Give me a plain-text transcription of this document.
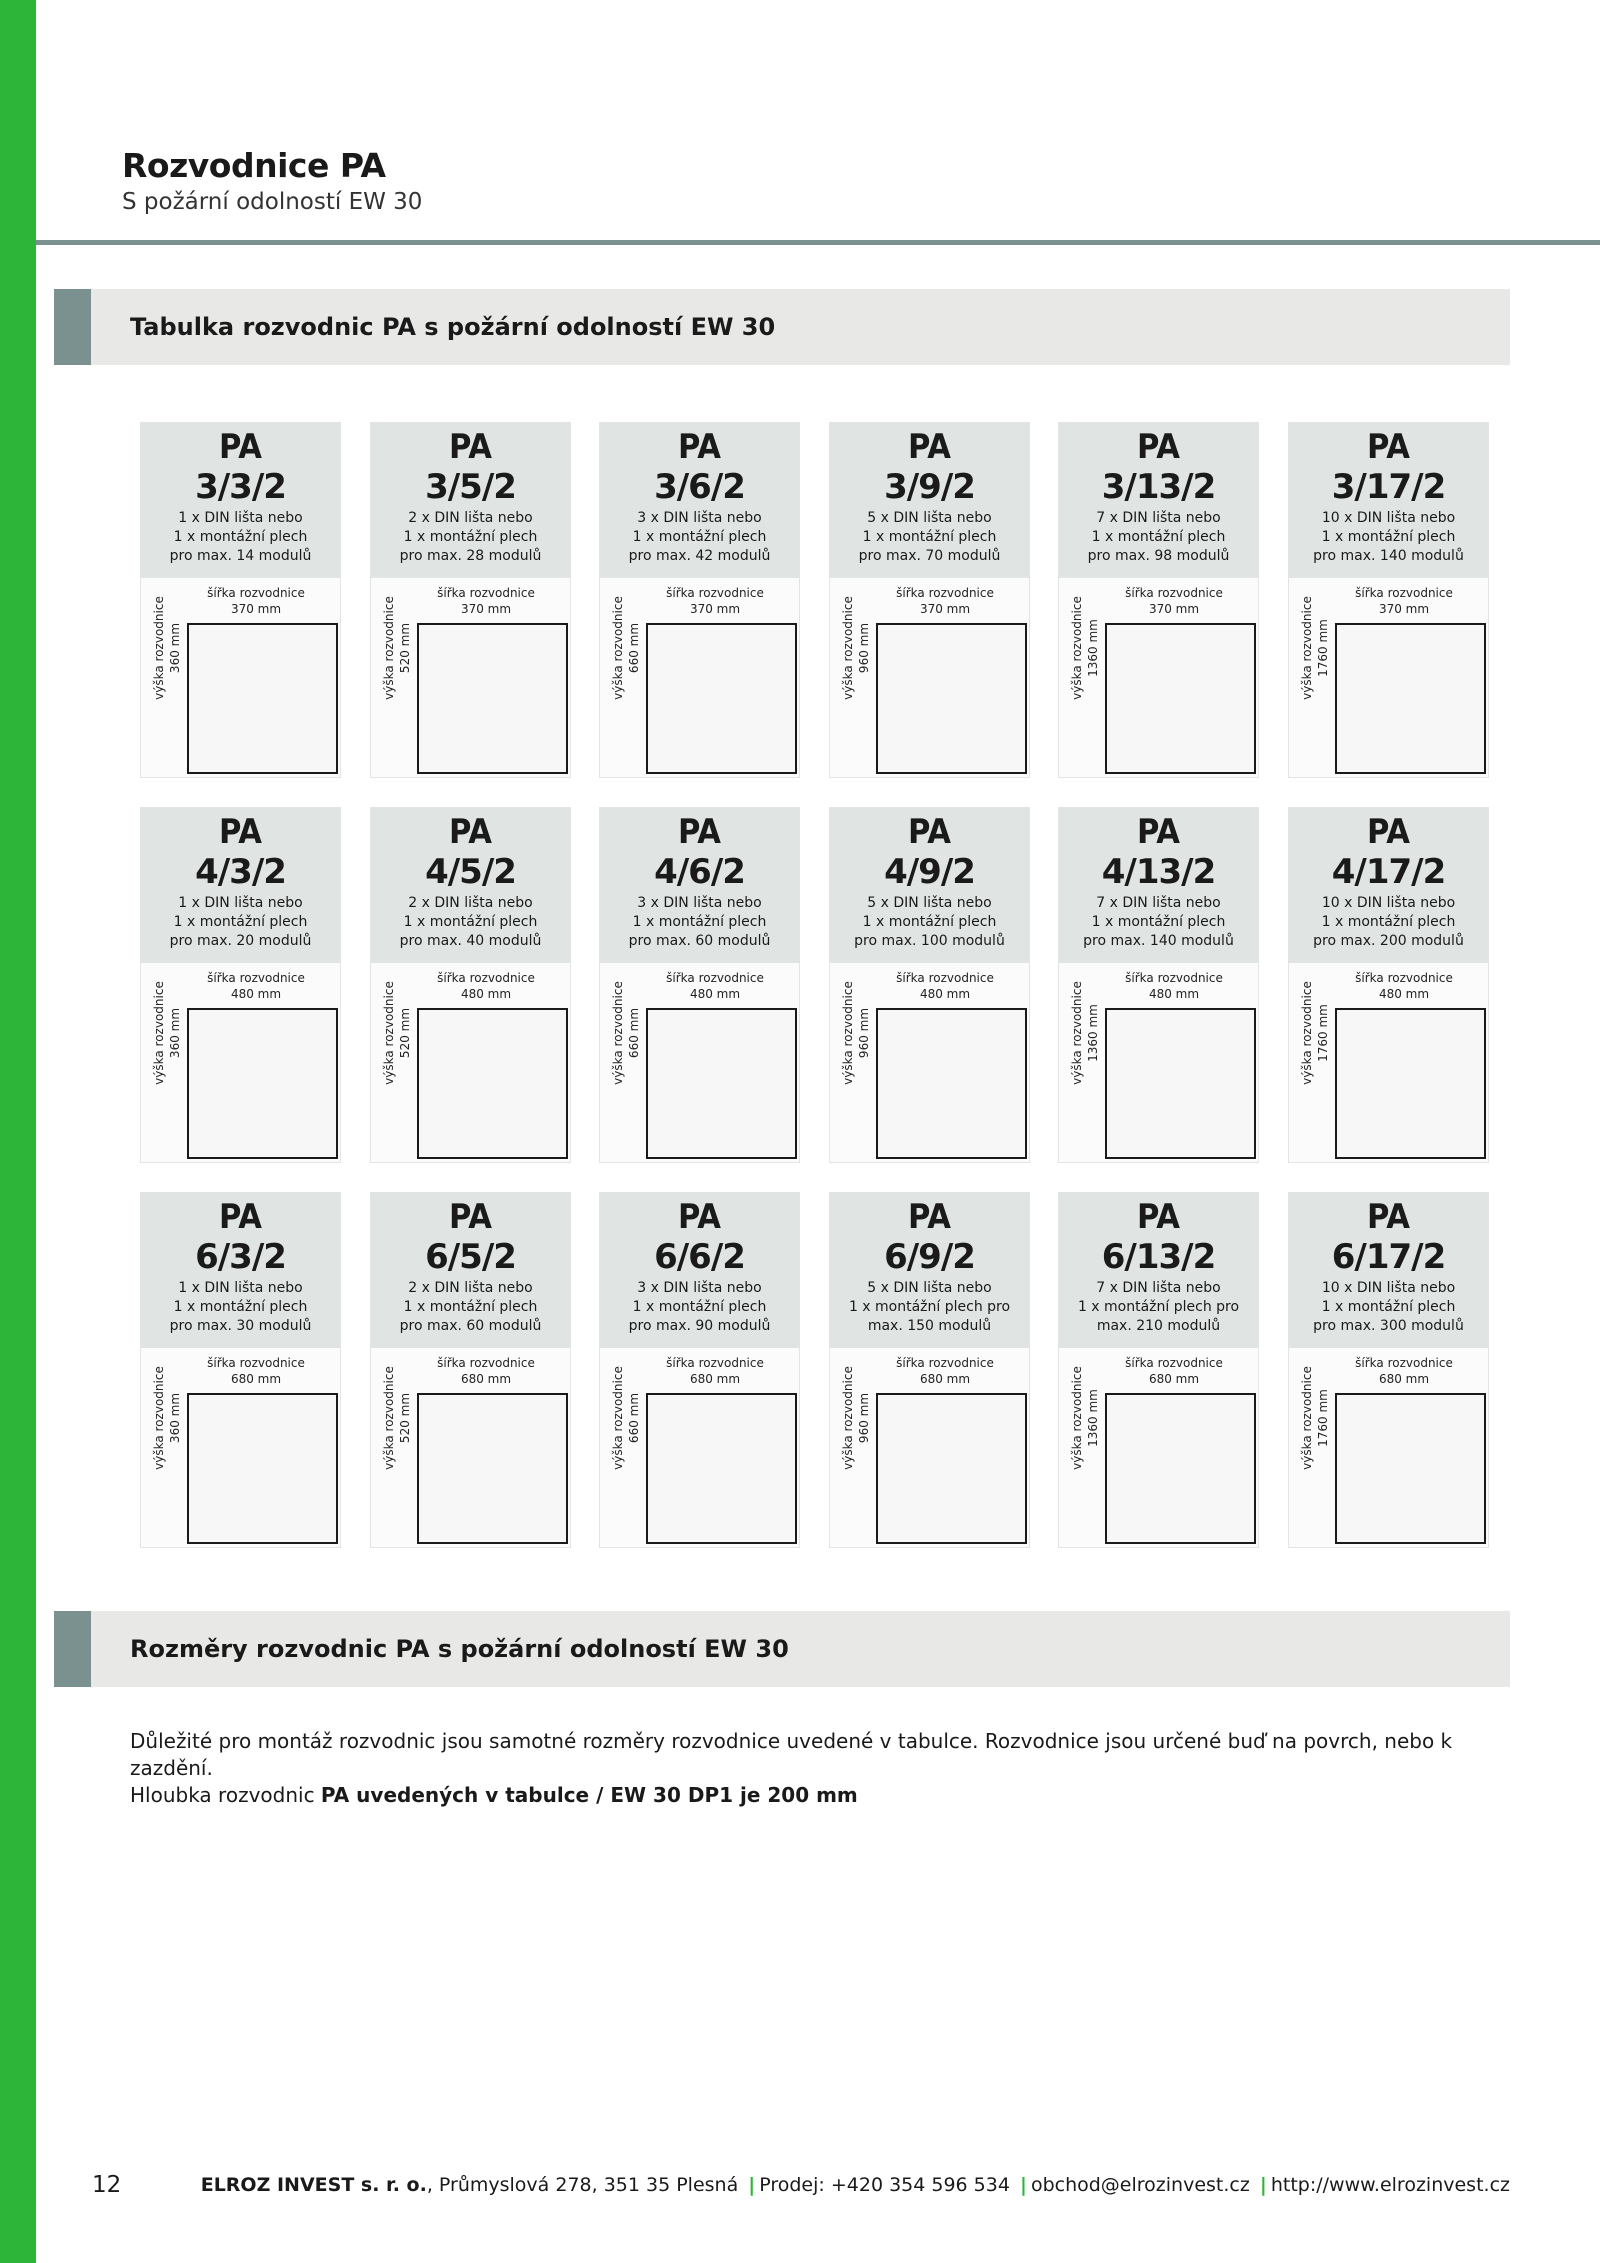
Rozvodnice PA
S požární odolností EW 30
Tabulka rozvodnic PA s požární odolností EW 30
PA
3/3/2
1 x DIN lišta nebo
1 x montážní plech
pro max. 14 modulů
šířka rozvodnice
370 mm
výška rozvodnice
360 mm
PA
3/5/2
2 x DIN lišta nebo
1 x montážní plech
pro max. 28 modulů
šířka rozvodnice
370 mm
výška rozvodnice
520 mm
PA
3/6/2
3 x DIN lišta nebo
1 x montážní plech
pro max. 42 modulů
šířka rozvodnice
370 mm
výška rozvodnice
660 mm
PA
3/9/2
5 x DIN lišta nebo
1 x montážní plech
pro max. 70 modulů
šířka rozvodnice
370 mm
výška rozvodnice
960 mm
PA
3/13/2
7 x DIN lišta nebo
1 x montážní plech
pro max. 98 modulů
šířka rozvodnice
370 mm
výška rozvodnice
1360 mm
PA
3/17/2
10 x DIN lišta nebo
1 x montážní plech
pro max. 140 modulů
šířka rozvodnice
370 mm
výška rozvodnice
1760 mm
PA
4/3/2
1 x DIN lišta nebo
1 x montážní plech
pro max. 20 modulů
šířka rozvodnice
480 mm
výška rozvodnice
360 mm
PA
4/5/2
2 x DIN lišta nebo
1 x montážní plech
pro max. 40 modulů
šířka rozvodnice
480 mm
výška rozvodnice
520 mm
PA
4/6/2
3 x DIN lišta nebo
1 x montážní plech
pro max. 60 modulů
šířka rozvodnice
480 mm
výška rozvodnice
660 mm
PA
4/9/2
5 x DIN lišta nebo
1 x montážní plech
pro max. 100 modulů
šířka rozvodnice
480 mm
výška rozvodnice
960 mm
PA
4/13/2
7 x DIN lišta nebo
1 x montážní plech
pro max. 140 modulů
šířka rozvodnice
480 mm
výška rozvodnice
1360 mm
PA
4/17/2
10 x DIN lišta nebo
1 x montážní plech
pro max. 200 modulů
šířka rozvodnice
480 mm
výška rozvodnice
1760 mm
PA
6/3/2
1 x DIN lišta nebo
1 x montážní plech
pro max. 30 modulů
šířka rozvodnice
680 mm
výška rozvodnice
360 mm
PA
6/5/2
2 x DIN lišta nebo
1 x montážní plech
pro max. 60 modulů
šířka rozvodnice
680 mm
výška rozvodnice
520 mm
PA
6/6/2
3 x DIN lišta nebo
1 x montážní plech
pro max. 90 modulů
šířka rozvodnice
680 mm
výška rozvodnice
660 mm
PA
6/9/2
5 x DIN lišta nebo
1 x montážní plech pro
max. 150 modulů
šířka rozvodnice
680 mm
výška rozvodnice
960 mm
PA
6/13/2
7 x DIN lišta nebo
1 x montážní plech pro
max. 210 modulů
šířka rozvodnice
680 mm
výška rozvodnice
1360 mm
PA
6/17/2
10 x DIN lišta nebo
1 x montážní plech
pro max. 300 modulů
šířka rozvodnice
680 mm
výška rozvodnice
1760 mm
Rozměry rozvodnic PA s požární odolností EW 30
Důležité pro montáž rozvodnic jsou samotné rozměry rozvodnice uvedené v tabulce. Rozvodnice jsou určené buď na povrch, nebo k zazdění.
Hloubka rozvodnic PA uvedených v tabulce / EW 30 DP1 je 200 mm
12	ELROZ INVEST s. r. o., Průmyslová 278, 351 35 Plesná | Prodej: +420 354 596 534 | obchod@elrozinvest.cz | http://www.elrozinvest.cz
